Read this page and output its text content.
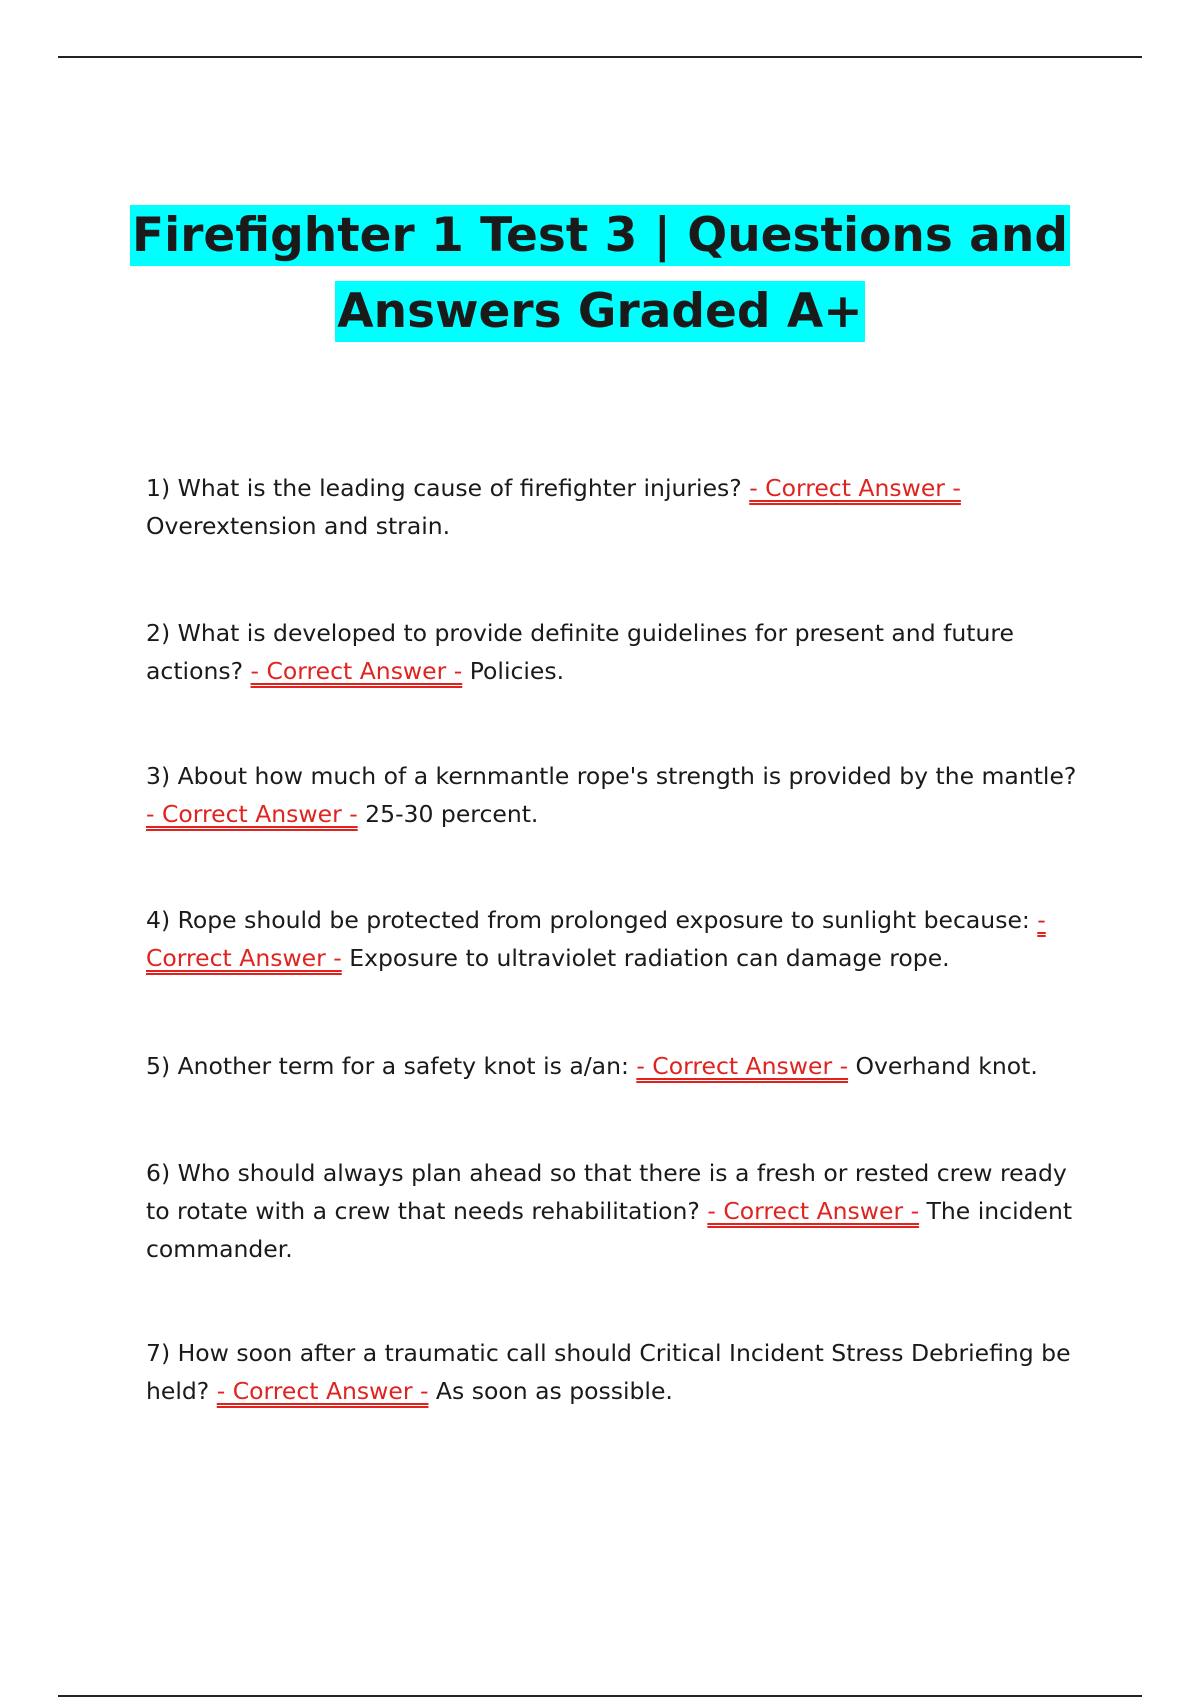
Firefighter 1 Test 3 | Questions and
Answers Graded A+

1) What is the leading cause of firefighter injuries? - Correct Answer - Overextension and strain.

2) What is developed to provide definite guidelines for present and future actions? - Correct Answer - Policies.

3) About how much of a kernmantle rope's strength is provided by the mantle? - Correct Answer - 25-30 percent.

4) Rope should be protected from prolonged exposure to sunlight because: - Correct Answer - Exposure to ultraviolet radiation can damage rope.

5) Another term for a safety knot is a/an: - Correct Answer - Overhand knot.

6) Who should always plan ahead so that there is a fresh or rested crew ready to rotate with a crew that needs rehabilitation? - Correct Answer - The incident commander.

7) How soon after a traumatic call should Critical Incident Stress Debriefing be held? - Correct Answer - As soon as possible.
